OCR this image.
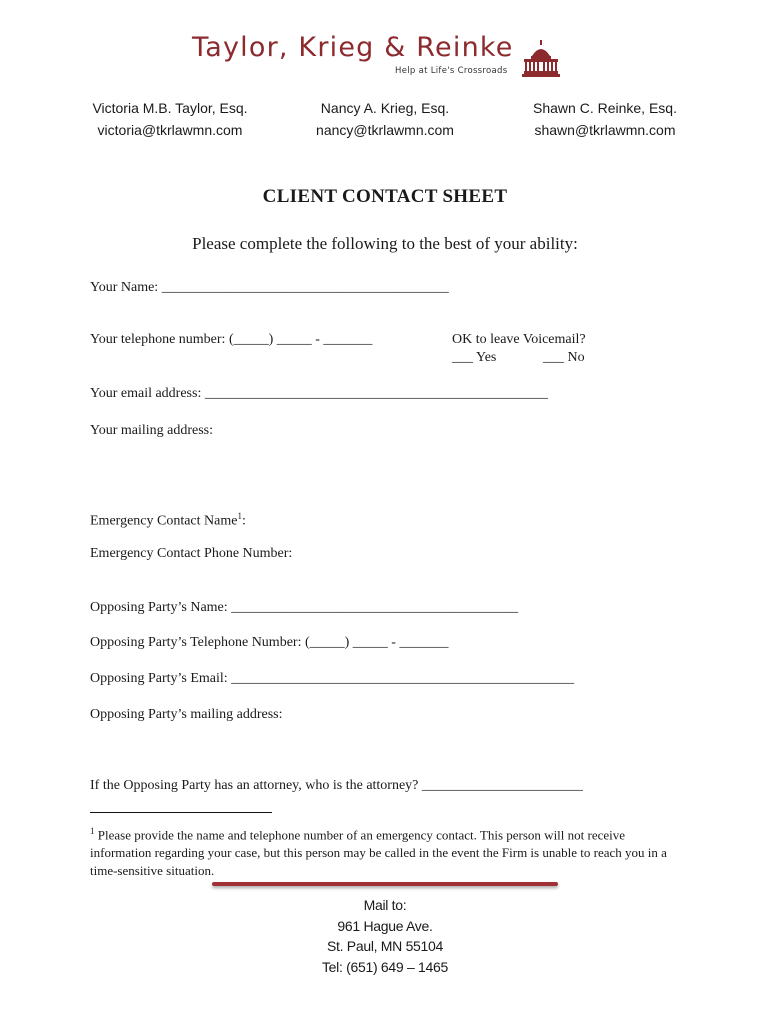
Taylor, Krieg & Reinke
Help at Life's Crossroads
Victoria M.B. Taylor, Esq.
victoria@tkrlawmn.com
Nancy A. Krieg, Esq.
nancy@tkrlawmn.com
Shawn C. Reinke, Esq.
shawn@tkrlawmn.com
CLIENT CONTACT SHEET
Please complete the following to the best of your ability:
Your Name: _________________________________________
Your telephone number: (_____) _____ - _______	OK to leave Voicemail?
___ Yes	___ No
Your email address: _________________________________________________
Your mailing address:
Emergency Contact Name$^1$:
Emergency Contact Phone Number:
Opposing Party’s Name: _________________________________________
Opposing Party’s Telephone Number: (_____) _____ - _______
Opposing Party’s Email: _________________________________________________
Opposing Party’s mailing address:
If the Opposing Party has an attorney, who is the attorney? _______________________
$^1$ Please provide the name and telephone number of an emergency contact. This person will not receive information regarding your case, but this person may be called in the event the Firm is unable to reach you in a time-sensitive situation.
Mail to:
961 Hague Ave.
St. Paul, MN 55104
Tel: (651) 649 – 1465
